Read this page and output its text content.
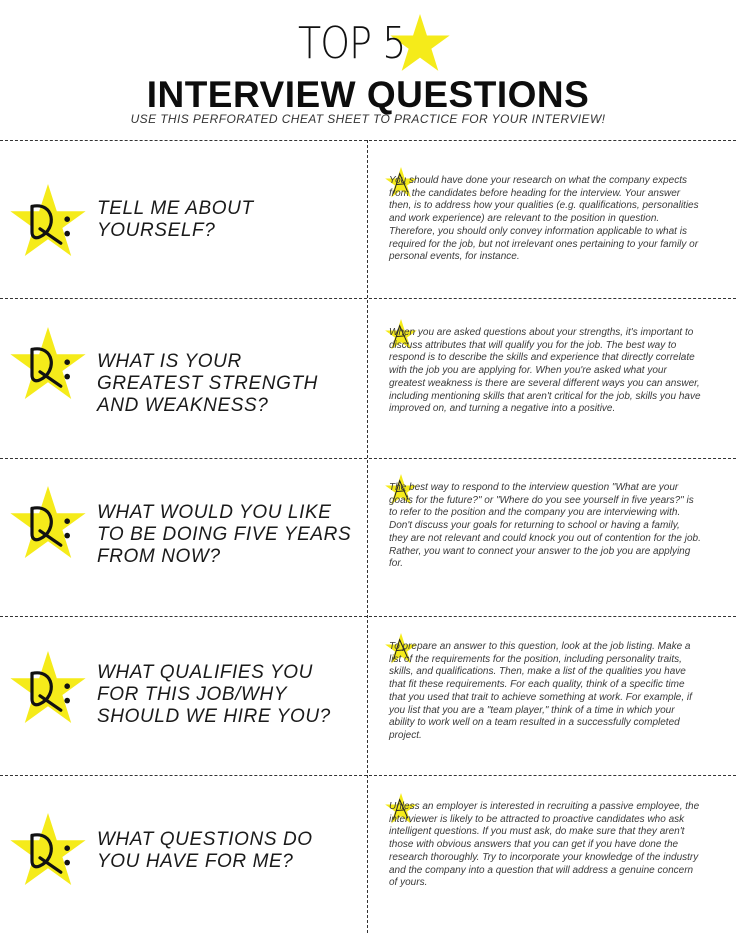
TOP 5
INTERVIEW QUESTIONS
USE THIS PERFORATED CHEAT SHEET TO PRACTICE FOR YOUR INTERVIEW!
TELL ME ABOUT YOURSELF?
You should have done your research on what the company expects from the candidates before heading for the interview. Your answer then, is to address how your qualities (e.g. qualifications, personalities and work experience) are relevant to the position in question. Therefore, you should only convey information applicable to what is required for the job, but not irrelevant ones pertaining to your family or personal events, for instance.
WHAT IS YOUR GREATEST STRENGTH AND WEAKNESS?
When you are asked questions about your strengths, it's important to discuss attributes that will qualify you for the job. The best way to respond is to describe the skills and experience that directly correlate with the job you are applying for. When you're asked what your greatest weakness is there are several different ways you can answer, including mentioning skills that aren't critical for the job, skills you have improved on, and turning a negative into a positive.
WHAT WOULD YOU LIKE TO BE DOING FIVE YEARS FROM NOW?
The best way to respond to the interview question "What are your goals for the future?" or "Where do you see yourself in five years?" is to refer to the position and the company you are interviewing with. Don't discuss your goals for returning to school or having a family, they are not relevant and could knock you out of contention for the job. Rather, you want to connect your answer to the job you are applying for.
WHAT QUALIFIES YOU FOR THIS JOB/WHY SHOULD WE HIRE YOU?
To prepare an answer to this question, look at the job listing. Make a list of the requirements for the position, including personality traits, skills, and qualifications. Then, make a list of the qualities you have that fit these requirements. For each quality, think of a specific time that you used that trait to achieve something at work. For example, if you list that you are a "team player," think of a time in which your ability to work well on a team resulted in a successfully completed project.
WHAT QUESTIONS DO YOU HAVE FOR ME?
Unless an employer is interested in recruiting a passive employee, the interviewer is likely to be attracted to proactive candidates who ask intelligent questions. If you must ask, do make sure that they aren't those with obvious answers that you can get if you have done the research thoroughly. Try to incorporate your knowledge of the industry and the company into a question that will address a genuine concern of yours.
